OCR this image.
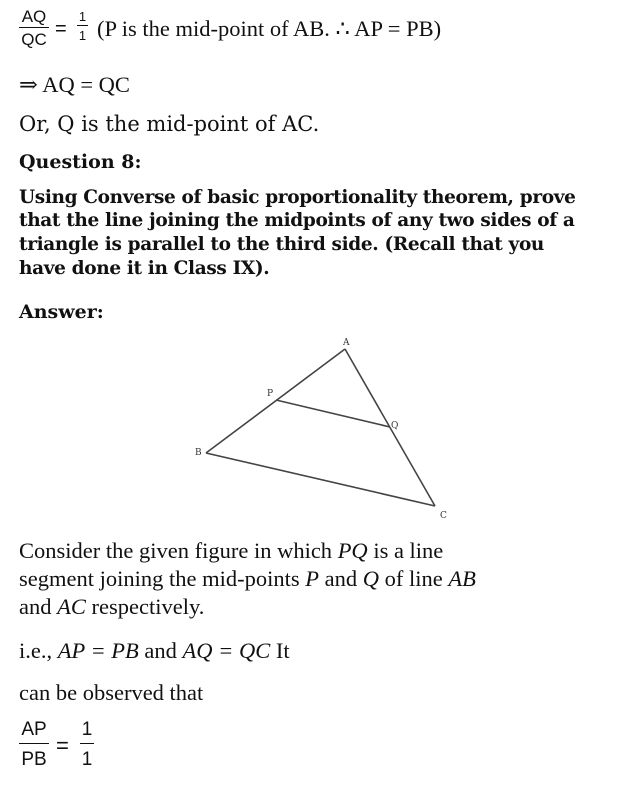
AQ
QC =
1
1 (P is the mid-point of AB. ∴ AP = PB)
⇒ AQ = QC
Or, Q is the mid-point of AC.
Question 8:
Using Converse of basic proportionality theorem, prove
that the line joining the midpoints of any two sides of a
triangle is parallel to the third side. (Recall that you
have done it in Class IX).
Answer:
A
P
Q
B
C
Consider the given figure in which PQ is a line
segment joining the mid-points P and Q of line AB
and AC respectively.
i.e., AP = PB and AQ = QC It
can be observed that
AP
PB
=
1
1
